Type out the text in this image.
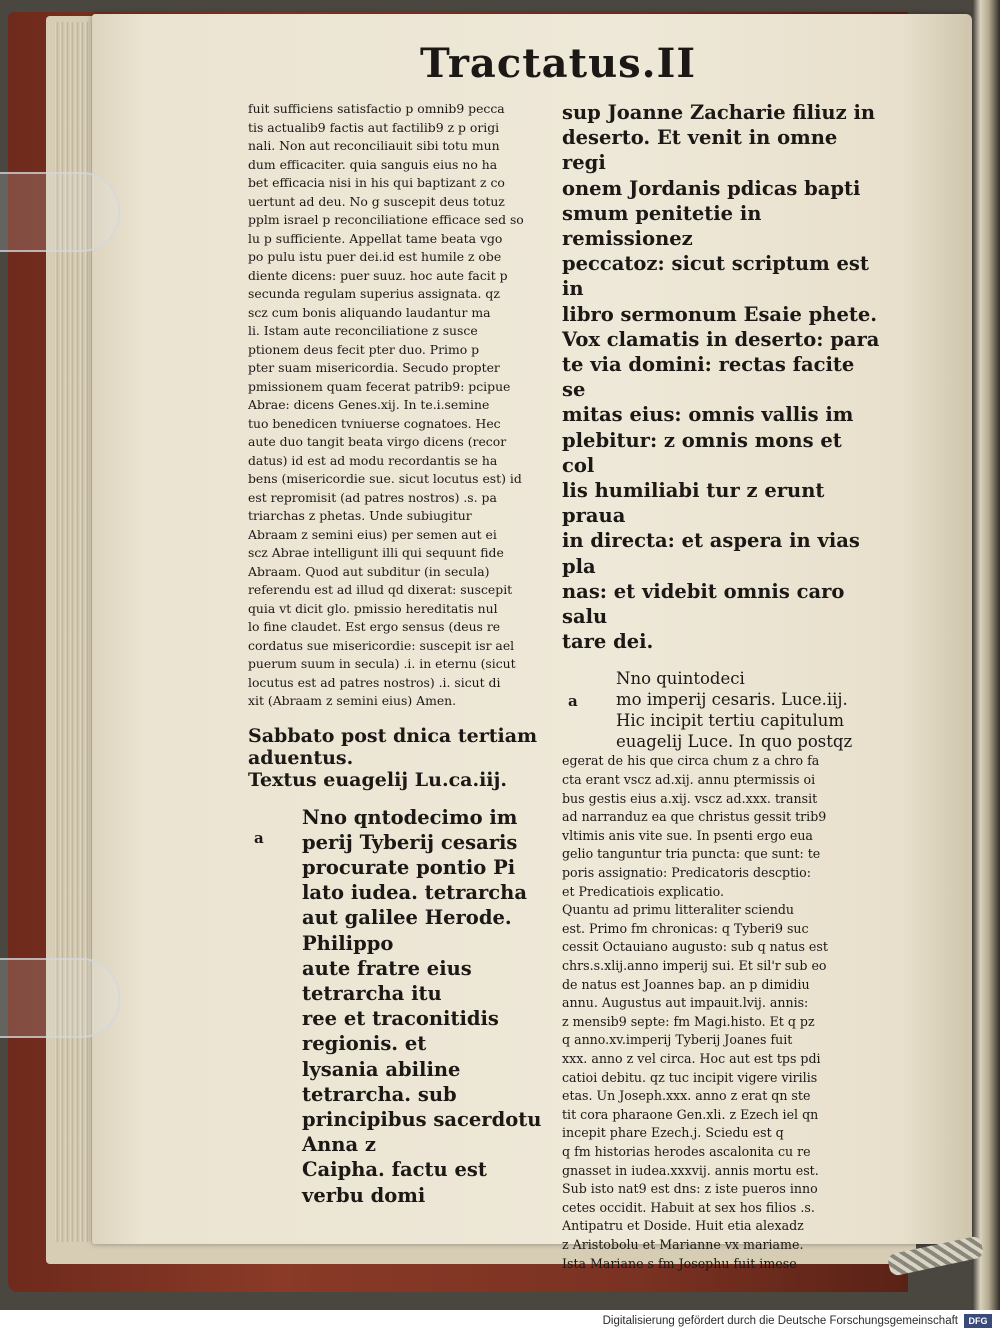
Tractatus.II

fuit sufficiens satisfactio p omnib9 pecca

tis actualib9 factis aut factilib9 z p origi

nali. Non aut reconciliauit sibi totu mun

dum efficaciter. quia sanguis eius no ha

bet efficacia nisi in his qui baptizant z co

uertunt ad deu. No g suscepit deus totuz

pplm israel p reconciliatione efficace sed so

lu p sufficiente. Appellat tame beata vgo

po pulu istu puer dei.id est humile z obe

diente dicens: puer suuz. hoc aute facit p

secunda regulam superius assignata. qz

scz cum bonis aliquando laudantur ma

li. Istam aute reconciliatione z susce

ptionem deus fecit pter duo. Primo p

pter suam misericordia. Secudo propter

pmissionem quam fecerat patrib9: pcipue

Abrae: dicens Genes.xij. In te.i.semine

tuo benedicen tvniuerse cognatoes. Hec

aute duo tangit beata virgo dicens (recor

datus) id est ad modu recordantis se ha

bens (misericordie sue. sicut locutus est) id

est repromisit (ad patres nostros) .s. pa

triarchas z phetas. Unde subiugitur

Abraam z semini eius) per semen aut ei

scz Abrae intelligunt illi qui sequunt fide

Abraam. Quod aut subditur (in secula)

referendu est ad illud qd dixerat: suscepit

quia vt dicit glo. pmissio hereditatis nul

lo fine claudet. Est ergo sensus (deus re

cordatus sue misericordie: suscepit isr ael

puerum suum in secula) .i. in eternu (sicut

locutus est ad patres nostros) .i. sicut di

xit (Abraam z semini eius) Amen.

Sabbato post dnica tertiam

aduentus.

Textus euagelij Lu.ca.iij.

a

Nno qntodecimo im

perij Tyberij cesaris

procurate pontio Pi

lato iudea. tetrarcha

aut galilee Herode. Philippo

aute fratre eius tetrarcha itu

ree et traconitidis regionis. et

lysania abiline tetrarcha. sub

principibus sacerdotu Anna z

Caipha. factu est verbu domi

sup Joanne Zacharie filiuz in

deserto. Et venit in omne regi

onem Jordanis pdicas bapti

smum penitetie in remissionez

peccatoz: sicut scriptum est in

libro sermonum Esaie phete.

Vox clamatis in deserto: para

te via domini: rectas facite se

mitas eius: omnis vallis im

plebitur: z omnis mons et col

lis humiliabi tur z erunt praua

in directa: et aspera in vias pla

nas: et videbit omnis caro salu

tare dei.

a

Nno quintodeci

mo imperij cesaris. Luce.iij.

Hic incipit tertiu capitulum

euagelij Luce. In quo postqz

egerat de his que circa chum z a chro fa

cta erant vscz ad.xij. annu ptermissis oi

bus gestis eius a.xij. vscz ad.xxx. transit

ad narranduz ea que christus gessit trib9

vltimis anis vite sue. In psenti ergo eua

gelio tanguntur tria puncta: que sunt: te

poris assignatio: Predicatoris descptio:

et Predicatiois explicatio.

Quantu ad primu litteraliter sciendu

est. Primo fm chronicas: q Tyberi9 suc

cessit Octauiano augusto: sub q natus est

chrs.s.xlij.anno imperij sui. Et sil'r sub eo

de natus est Joannes bap. an p dimidiu

annu. Augustus aut impauit.lvij. annis:

z mensib9 septe: fm Magi.histo. Et q pz

q anno.xv.imperij Tyberij Joanes fuit

xxx. anno z vel circa. Hoc aut est tps pdi

catioi debitu. qz tuc incipit vigere virilis

etas. Un Joseph.xxx. anno z erat qn ste

tit cora pharaone Gen.xli. z Ezech iel qn

incepit phare Ezech.j. Sciedu est q

q fm historias herodes ascalonita cu re

gnasset in iudea.xxxvij. annis mortu est.

Sub isto nat9 est dns: z iste pueros inno

cetes occidit. Habuit at sex hos filios .s.

Antipatru et Doside. Huit etia alexadz

z Aristobolu et Marianne vx mariame.

Ista Mariane s fm Josephu fuit imese

Digitalisierung gefördert durch die Deutsche Forschungsgemeinschaft	DFG
